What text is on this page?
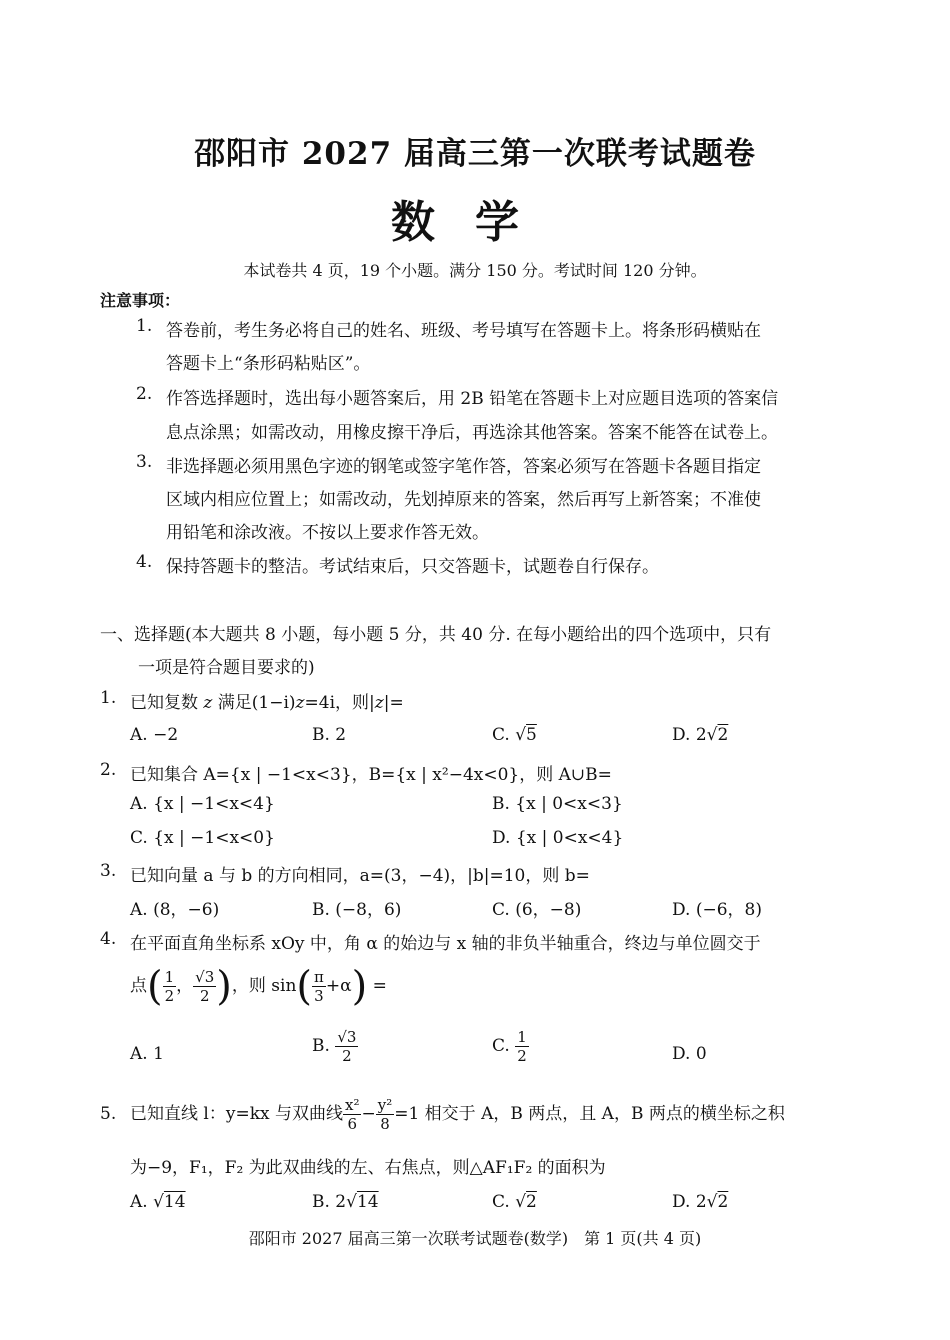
邵阳市 2027 届高三第一次联考试题卷
数学
本试卷共 4 页，19 个小题。满分 150 分。考试时间 120 分钟。
注意事项：
1. 答卷前，考生务必将自己的姓名、班级、考号填写在答题卡上。将条形码横贴在
答题卡上“条形码粘贴区”。
2. 作答选择题时，选出每小题答案后，用 2B 铅笔在答题卡上对应题目选项的答案信
息点涂黑；如需改动，用橡皮擦干净后，再选涂其他答案。答案不能答在试卷上。
3. 非选择题必须用黑色字迹的钢笔或签字笔作答，答案必须写在答题卡各题目指定
区域内相应位置上；如需改动，先划掉原来的答案，然后再写上新答案；不准使
用铅笔和涂改液。不按以上要求作答无效。
4. 保持答题卡的整洁。考试结束后，只交答题卡，试题卷自行保存。
一、选择题(本大题共 8 小题，每小题 5 分，共 40 分. 在每小题给出的四个选项中，只有
一项是符合题目要求的)
1. 已知复数 z 满足(1−i)z=4i，则|z|=
A. −2	B. 2	C. √5	D. 2√2
2. 已知集合 A={x | −1<x<3}，B={x | x²−4x<0}，则 A∪B=
A. {x | −1<x<4}	B. {x | 0<x<3}
C. {x | −1<x<0}	D. {x | 0<x<4}
3. 已知向量 a 与 b 的方向相同，a=(3，−4)，|b|=10，则 b=
A. (8，−6)	B. (−8，6)	C. (6，−8)	D. (−6，8)
4. 在平面直角坐标系 xOy 中，角 α 的始边与 x 轴的非负半轴重合，终边与单位圆交于
点( $\frac{1}{2}$ ， $\frac{√3}{2}$ )，则 $\sin( \frac{\pi}{3} +\alpha)$ =
A. 1	B. $\frac{√3}{2}$	C. $\frac{1}{2}$	D. 0
5. 已知直线 l：y=kx 与双曲线 $\frac{\text{x²}}{6} - \frac{\text{y²}}{8} =1$ 相交于 A，B 两点，且 A，B 两点的横坐标之积
为−9，F₁，F₂ 为此双曲线的左、右焦点，则△AF₁F₂ 的面积为
A. √14	B. 2√14	C. √2	D. 2√2
邵阳市 2027 届高三第一次联考试题卷(数学)　第 1 页(共 4 页)
